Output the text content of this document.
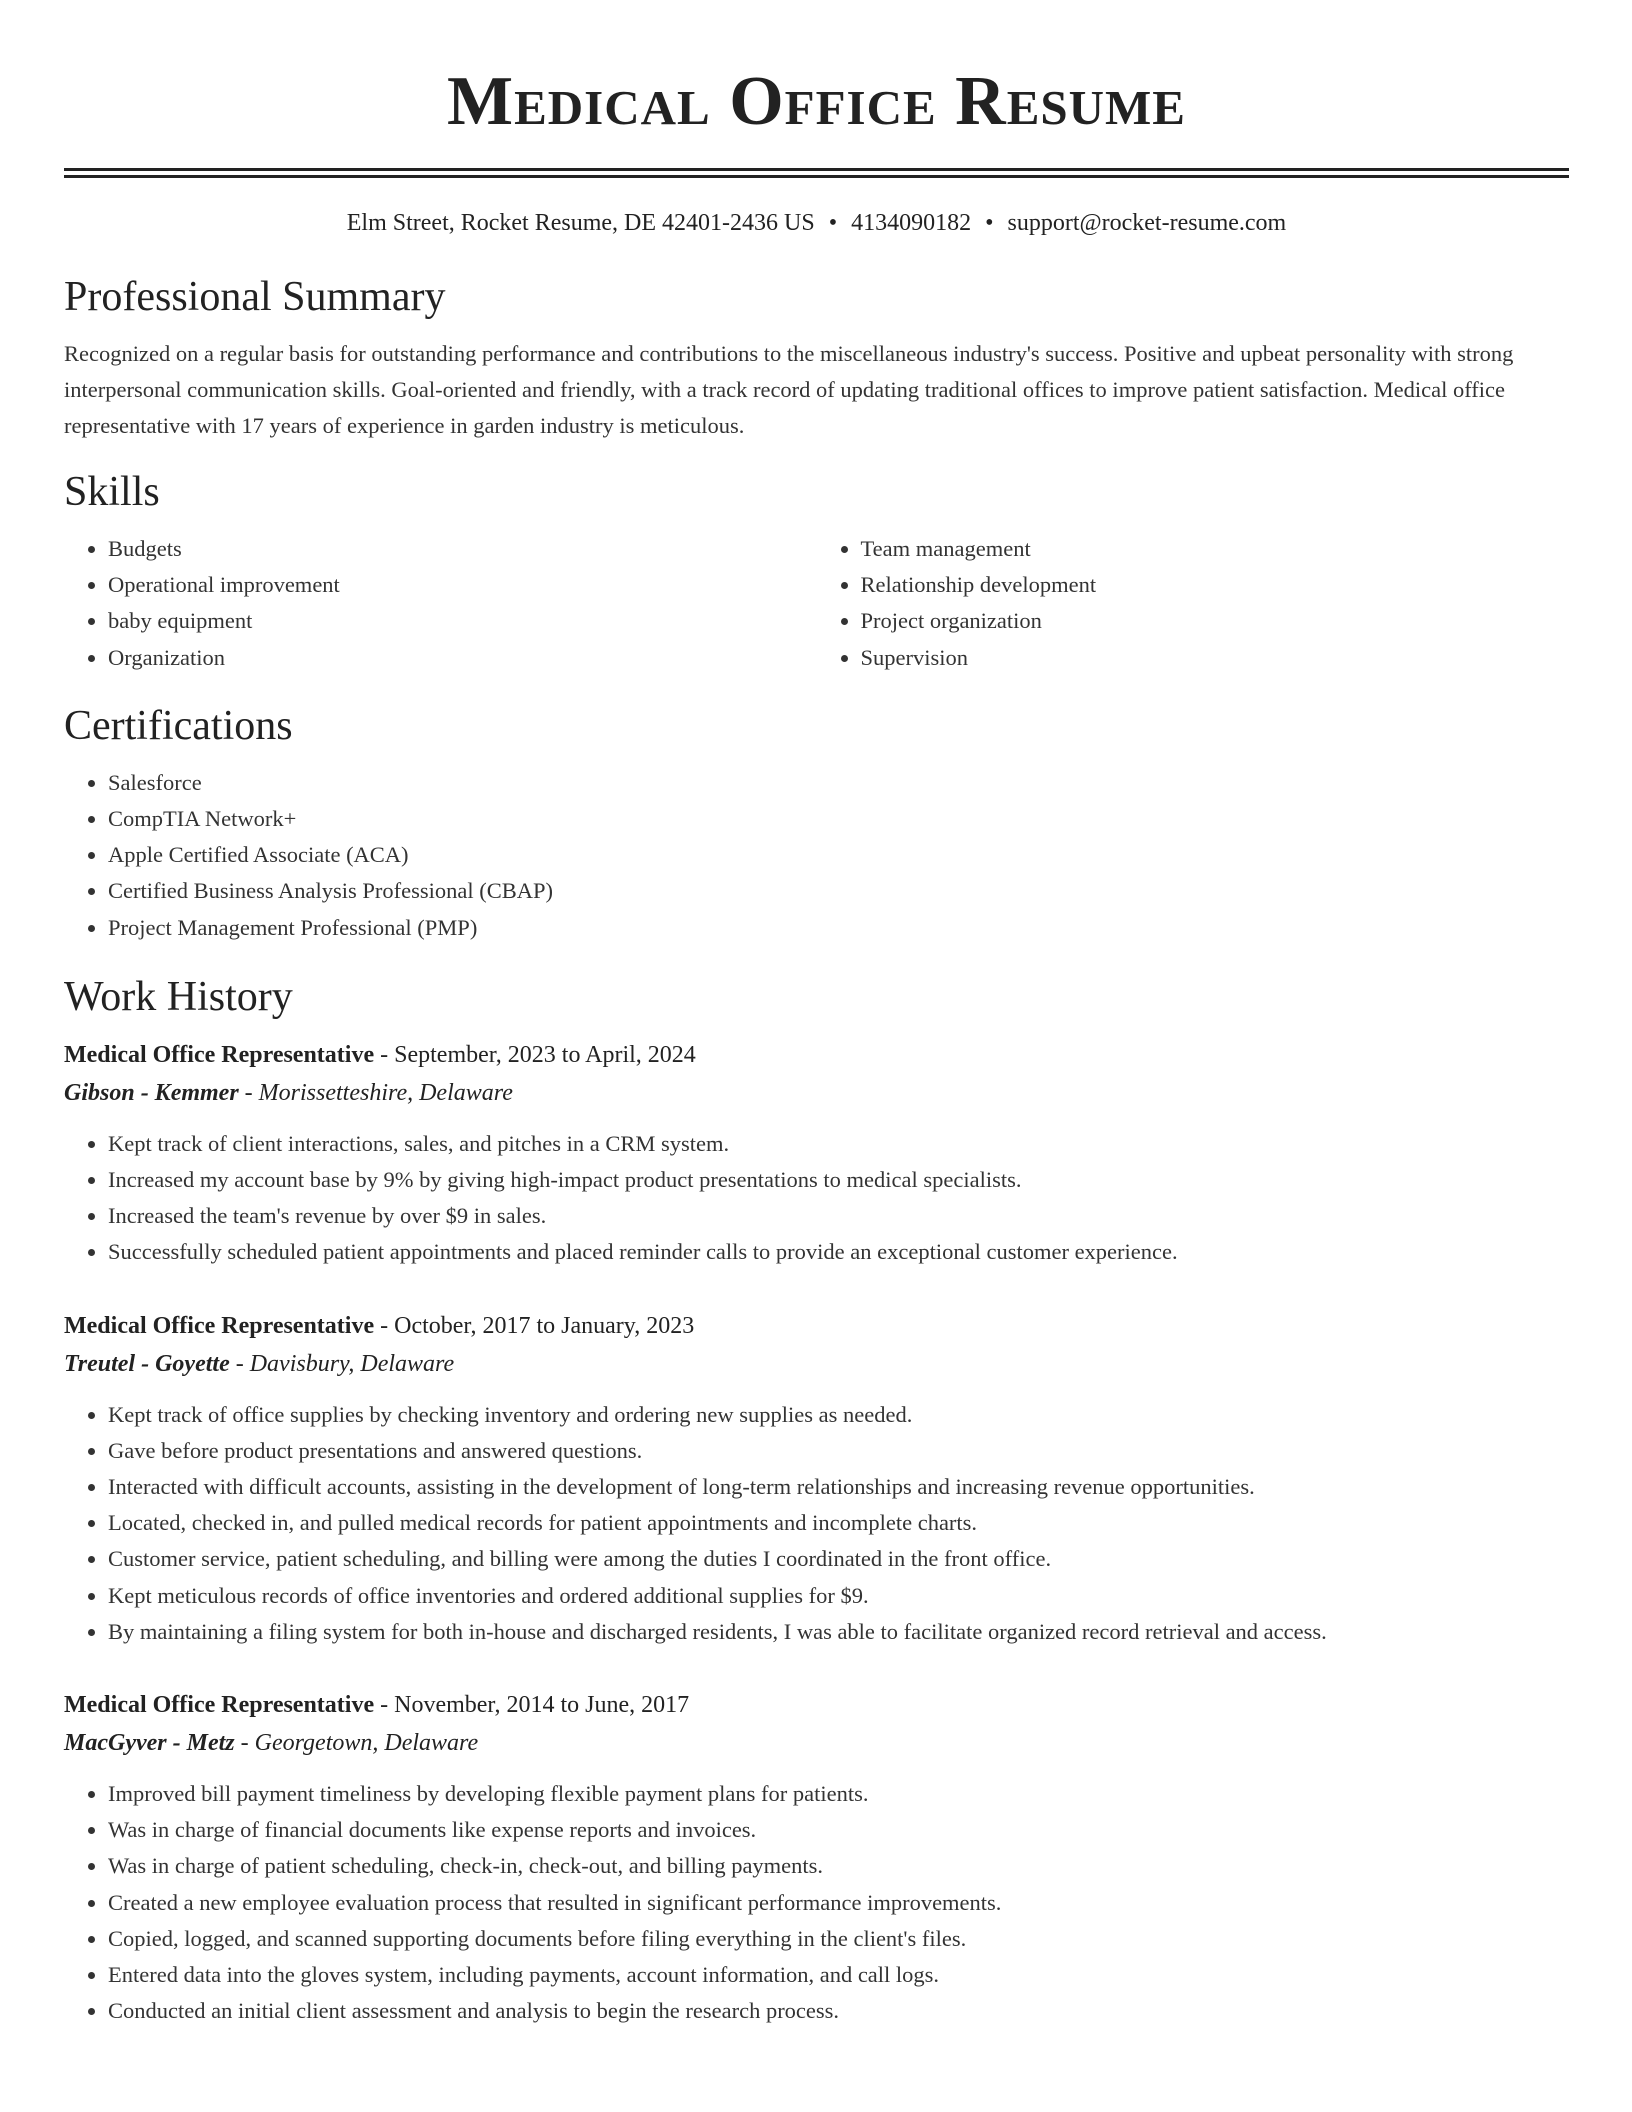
Medical Office Resume
Elm Street, Rocket Resume, DE 42401-2436 US • 4134090182 • support@rocket-resume.com
Professional Summary
Recognized on a regular basis for outstanding performance and contributions to the miscellaneous industry's success. Positive and upbeat personality with strong interpersonal communication skills. Goal-oriented and friendly, with a track record of updating traditional offices to improve patient satisfaction. Medical office representative with 17 years of experience in garden industry is meticulous.
Skills
• Budgets
• Operational improvement
• baby equipment
• Organization
• Team management
• Relationship development
• Project organization
• Supervision
Certifications
• Salesforce
• CompTIA Network+
• Apple Certified Associate (ACA)
• Certified Business Analysis Professional (CBAP)
• Project Management Professional (PMP)
Work History
Medical Office Representative - September, 2023 to April, 2024
Gibson - Kemmer - Morissetteshire, Delaware
• Kept track of client interactions, sales, and pitches in a CRM system.
• Increased my account base by 9% by giving high-impact product presentations to medical specialists.
• Increased the team's revenue by over $9 in sales.
• Successfully scheduled patient appointments and placed reminder calls to provide an exceptional customer experience.
Medical Office Representative - October, 2017 to January, 2023
Treutel - Goyette - Davisbury, Delaware
• Kept track of office supplies by checking inventory and ordering new supplies as needed.
• Gave before product presentations and answered questions.
• Interacted with difficult accounts, assisting in the development of long-term relationships and increasing revenue opportunities.
• Located, checked in, and pulled medical records for patient appointments and incomplete charts.
• Customer service, patient scheduling, and billing were among the duties I coordinated in the front office.
• Kept meticulous records of office inventories and ordered additional supplies for $9.
• By maintaining a filing system for both in-house and discharged residents, I was able to facilitate organized record retrieval and access.
Medical Office Representative - November, 2014 to June, 2017
MacGyver - Metz - Georgetown, Delaware
• Improved bill payment timeliness by developing flexible payment plans for patients.
• Was in charge of financial documents like expense reports and invoices.
• Was in charge of patient scheduling, check-in, check-out, and billing payments.
• Created a new employee evaluation process that resulted in significant performance improvements.
• Copied, logged, and scanned supporting documents before filing everything in the client's files.
• Entered data into the gloves system, including payments, account information, and call logs.
• Conducted an initial client assessment and analysis to begin the research process.
